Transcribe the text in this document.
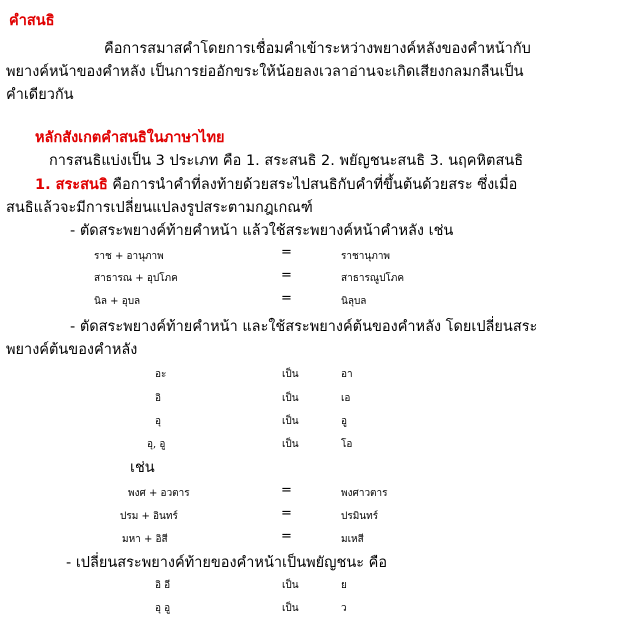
คำสนธิ
คือการสมาสคำโดยการเชื่อมคำเข้าระหว่างพยางค์หลังของคำหน้ากับ
พยางค์หน้าของคำหลัง เป็นการย่ออักขระให้น้อยลงเวลาอ่านจะเกิดเสียงกลมกลืนเป็น
คำเดียวกัน
หลักสังเกตคำสนธิในภาษาไทย
การสนธิแบ่งเป็น 3 ประเภท คือ 1. สระสนธิ 2. พยัญชนะสนธิ 3. นฤคหิตสนธิ
1. สระสนธิ คือการนำคำที่ลงท้ายด้วยสระไปสนธิกับคำที่ขึ้นต้นด้วยสระ ซึ่งเมื่อ
สนธิแล้วจะมีการเปลี่ยนแปลงรูปสระตามกฎเกณฑ์
- ตัดสระพยางค์ท้ายคำหน้า แล้วใช้สระพยางค์หน้าคำหลัง เช่น
ราช + อานุภาพ	=	ราชานุภาพ
สาธารณ + อุปโภค	=	สาธารณูปโภค
นิล + อุบล	=	นิลุบล
- ตัดสระพยางค์ท้ายคำหน้า และใช้สระพยางค์ต้นของคำหลัง โดยเปลี่ยนสระ
พยางค์ต้นของคำหลัง
อะ	เป็น	อา
อิ	เป็น	เอ
อุ	เป็น	อู
อุ, อู	เป็น	โอ
เช่น
พงศ + อวตาร	=	พงศาวตาร
ปรม + อินทร์	=	ปรมินทร์
มหา + อิสี	=	มเหสี
- เปลี่ยนสระพยางค์ท้ายของคำหน้าเป็นพยัญชนะ คือ
อิ อี	เป็น	ย
อุ อู	เป็น	ว
